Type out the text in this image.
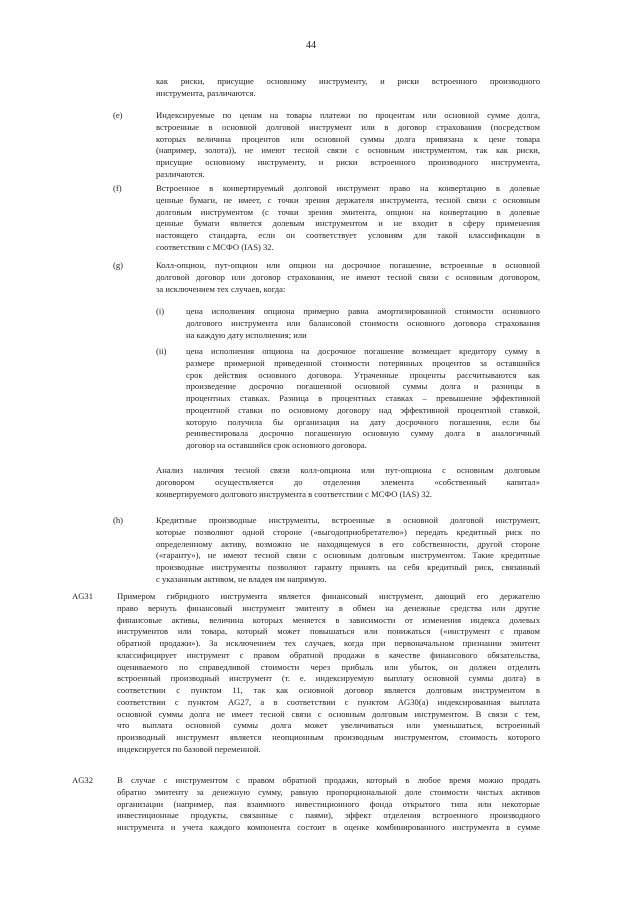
44
как риски, присущие основному инструменту, и риски встроенного производного
инструмента, различаются.
(e)	Индексируемые по ценам на товары платежи по процентам или основной сумме долга,
встроенные в основной долговой инструмент или в договор страхования (посредством
которых величина процентов или основной суммы долга привязана к цене товара
(например, золота)), не имеют тесной связи с основным инструментом, так как риски,
присущие основному инструменту, и риски встроенного производного инструмента,
различаются.
(f)	Встроенное в конвертируемый долговой инструмент право на конвертацию в долевые
ценные бумаги, не имеет, с точки зрения держателя инструмента, тесной связи с основным
долговым инструментом (с точки зрения эмитента, опцион на конвертацию в долевые
ценные бумаги является долевым инструментом и не входит в сферу применения
настоящего стандарта, если он соответствует условиям для такой классификации в
соответствии с МСФО (IAS) 32.
(g)	Колл-опцион, пут-опцион или опцион на досрочное погашение, встроенные в основной
долговой договор или договор страхования, не имеют тесной связи с основным договором,
за исключением тех случаев, когда:
(i)	цена исполнения опциона примерно равна амортизированной стоимости основного
долгового инструмента или балансовой стоимости основного договора страхования
на каждую дату исполнения; или
(ii) цена исполнения опциона на досрочное погашение возмещает кредитору сумму в
размере примерной приведенной стоимости потерянных процентов за оставшийся
срок действия основного договора. Утраченные проценты рассчитываются как
произведение досрочно погашенной основной суммы долга и разницы в
процентных ставках. Разница в процентных ставках – превышение эффективной
процентной ставки по основному договору над эффективной процентной ставкой,
которую получила бы организация на дату досрочного погашения, если бы
реинвестировала досрочно погашенную основную сумму долга в аналогичный
договор на оставшийся срок основного договора.
Анализ наличия тесной связи колл-опциона или пут-опциона с основным долговым
договором осуществляется до отделения элемента «собственный капитал»
конвертируемого долгового инструмента в соответствии с МСФО (IAS) 32.
(h)	Кредитные производные инструменты, встроенные в основной долговой инструмент,
которые позволяют одной стороне («выгодоприобретателю») передать кредитный риск по
определенному активу, возможно не находящемуся в его собственности, другой стороне
(«гаранту»), не имеют тесной связи с основным долговым инструментом. Такие кредитные
производные инструменты позволяют гаранту принять на себя кредитный риск, связанный
с указанным активом, не владея им напрямую.
AG31	Примером гибридного инструмента является финансовый инструмент, дающий его держателю
право вернуть финансовый инструмент эмитенту в обмен на денежные средства или другие
финансовые активы, величина которых меняется в зависимости от изменения индекса долевых
инструментов или товара, который может повышаться или понижаться («инструмент с правом
обратной продажи»). За исключением тех случаев, когда при первоначальном признании эмитент
классифицирует инструмент с правом обратной продажи в качестве финансового обязательства,
оцениваемого по справедливой стоимости через прибыль или убыток, он должен отделить
встроенный производный инструмент (т. е. индексируемую выплату основной суммы долга) в
соответствии с пунктом 11, так как основной договор является долговым инструментом в
соответствии с пунктом AG27, а в соответствии с пунктом AG30(a) индексированная выплата
основной суммы долга не имеет тесной связи с основным долговым инструментом. В связи с тем,
что выплата основной суммы долга может увеличиваться или уменьшаться, встроенный
производный инструмент является неопционным производным инструментом, стоимость которого
индексируется по базовой переменной.
AG32	В случае с инструментом с правом обратной продажи, который в любое время можно продать
обратно эмитенту за денежную сумму, равную пропорциональной доле стоимости чистых активов
организации (например, пая взаимного инвестиционного фонда открытого типа или некоторые
инвестиционные продукты, связанные с паями), эффект отделения встроенного производного
инструмента и учета каждого компонента состоит в оценке комбинированного инструмента в сумме
